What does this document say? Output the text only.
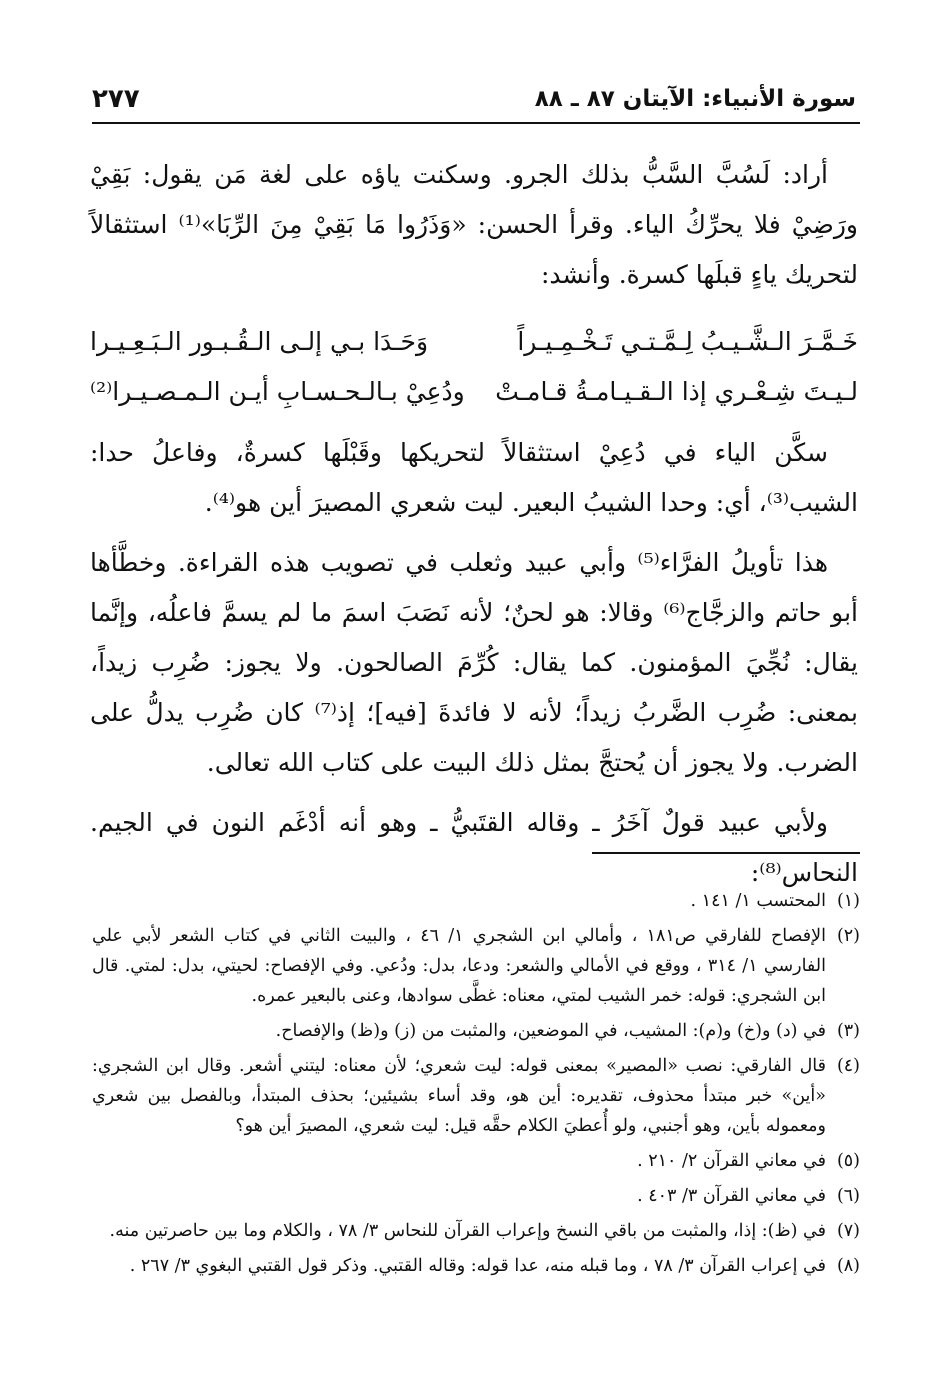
سورة الأنبياء: الآيتان ٨٧ ـ ٨٨
٢٧٧

أراد: لَسُبَّ السَّبُّ بذلك الجرو. وسكنت ياؤه على لغة مَن يقول: بَقِيْ ورَضِيْ فلا يحرِّكُ الياء. وقرأ الحسن: «وَذَرُوا مَا بَقِيْ مِنَ الرِّبَا»⁽¹⁾ استثقالاً لتحريك ياءٍ قبلَها كسرة. وأنشد:

خَـمَّـرَ الـشَّـيـبُ لِـمَّـتـي تَـخْـمِـيـراً
وَحَـدَا بـي إلـى الـقُـبـور الـبَـعِـيـرا
لـيـتَ شِـعْـري إذا الـقـيـامـةُ قـامـتْ
ودُعِيْ بـالـحـسـابِ أيـن الـمـصـيـرا⁽²⁾

سكَّن الياء في دُعِيْ استثقالاً لتحريكها وقَبْلَها كسرةٌ، وفاعلُ حدا: الشيب⁽³⁾، أي: وحدا الشيبُ البعير. ليت شعري المصيرَ أين هو⁽⁴⁾.

هذا تأويلُ الفرَّاء⁽⁵⁾ وأبي عبيد وثعلب في تصويب هذه القراءة. وخطَّأها أبو حاتم والزجَّاج⁽⁶⁾ وقالا: هو لحنٌ؛ لأنه نَصَبَ اسمَ ما لم يسمَّ فاعلُه، وإنَّما يقال: نُجِّيَ المؤمنون. كما يقال: كُرِّمَ الصالحون. ولا يجوز: ضُرِب زيداً، بمعنى: ضُرِب الضَّربُ زيداً؛ لأنه لا فائدةَ [فيه]؛ إذ⁽⁷⁾ كان ضُرِب يدلُّ على الضرب. ولا يجوز أن يُحتجَّ بمثل ذلك البيت على كتاب الله تعالى.

ولأبي عبيد قولٌ آخَرُ ـ وقاله القتَبيُّ ـ وهو أنه أدْغَم النون في الجيم. النحاس⁽⁸⁾:

(١)
المحتسب ١/ ١٤١ .
(٢)
الإفصاح للفارقي ص١٨١ ، وأمالي ابن الشجري ١/ ٤٦ ، والبيت الثاني في كتاب الشعر لأبي علي الفارسي ١/ ٣١٤ ، ووقع في الأمالي والشعر: ودعا، بدل: ودُعي. وفي الإفصاح: لحيتي، بدل: لمتي. قال ابن الشجري: قوله: خمر الشيب لمتي، معناه: غطَّى سوادها، وعنى بالبعير عمره.
(٣)
في (د) و(خ) و(م): المشيب، في الموضعين، والمثبت من (ز) و(ظ) والإفصاح.
(٤)
قال الفارقي: نصب «المصير» بمعنى قوله: ليت شعري؛ لأن معناه: ليتني أشعر. وقال ابن الشجري: «أين» خبر مبتدأ محذوف، تقديره: أين هو، وقد أساء بشيئين؛ بحذف المبتدأ، وبالفصل بين شعري ومعموله بأين، وهو أجنبي، ولو أُعطيَ الكلام حقَّه قيل: ليت شعري، المصيرَ أين هو؟
(٥)
في معاني القرآن ٢/ ٢١٠ .
(٦)
في معاني القرآن ٣/ ٤٠٣ .
(٧)
في (ظ): إذا، والمثبت من باقي النسخ وإعراب القرآن للنحاس ٣/ ٧٨ ، والكلام وما بين حاصرتين منه.
(٨)
في إعراب القرآن ٣/ ٧٨ ، وما قبله منه، عدا قوله: وقاله القتبي. وذكر قول القتبي البغوي ٣/ ٢٦٧ .
